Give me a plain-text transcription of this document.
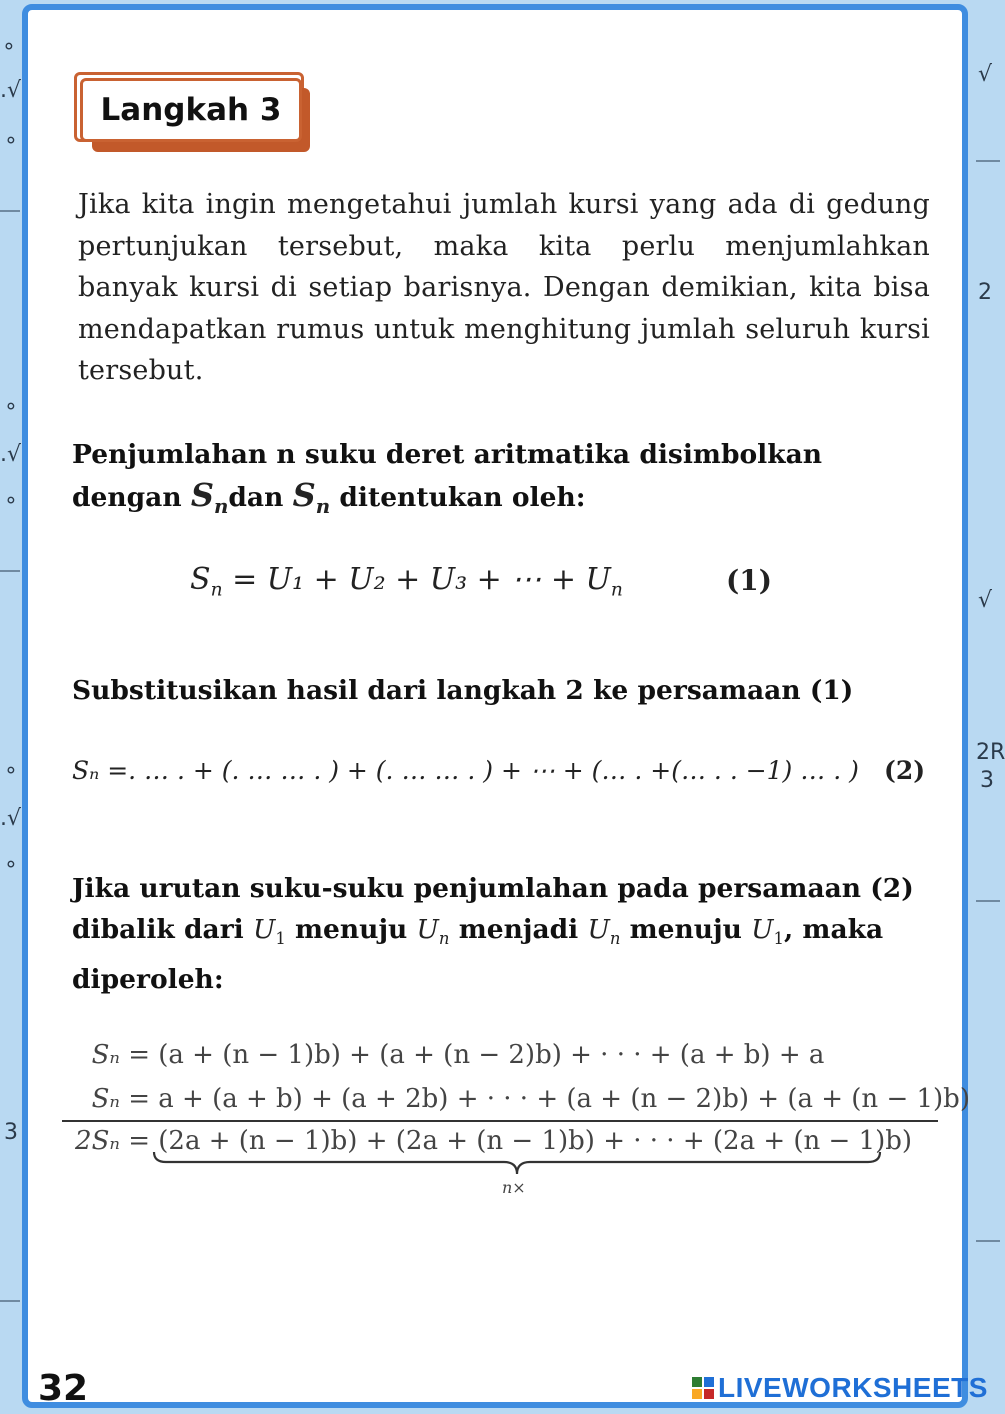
∘
.√
∘
∘
.√
∘
∘
.√
∘
3
√
2
√
2R
3
Langkah 3
Jika kita ingin mengetahui jumlah kursi yang ada di gedung pertunjukan tersebut, maka kita perlu menjumlahkan banyak kursi di setiap barisnya. Dengan demikian, kita bisa mendapatkan rumus untuk menghitung jumlah seluruh kursi tersebut.
Penjumlahan n suku deret aritmatika disimbolkan
dengan $S_ndan$ $S_n$ ditentukan oleh:
$S_n = U_1 + U_2 + U_3$ + ⋯ + $U_n$	(1)
Substitusikan hasil dari langkah 2 ke persamaan (1)
Sₙ =. … . + (. … … . ) + (. … … . ) + ⋯ + (… . +(… . . −1) … . ) (2)
Jika urutan suku-suku penjumlahan pada persamaan (2)
dibalik dari $U_1$ menuju $U_n$ menjadi $U_n$ menuju $U_1$, maka
diperoleh:
Sₙ = (a + (n − 1)b) + (a + (n − 2)b) + · · · + (a + b) + a
Sₙ = a + (a + b) + (a + 2b) + · · · + (a + (n − 2)b) + (a + (n − 1)b)
2Sₙ = (2a + (n − 1)b) + (2a + (n − 1)b) + · · · + (2a + (n − 1)b)
n×
32	LIVEWORKSHEETS
